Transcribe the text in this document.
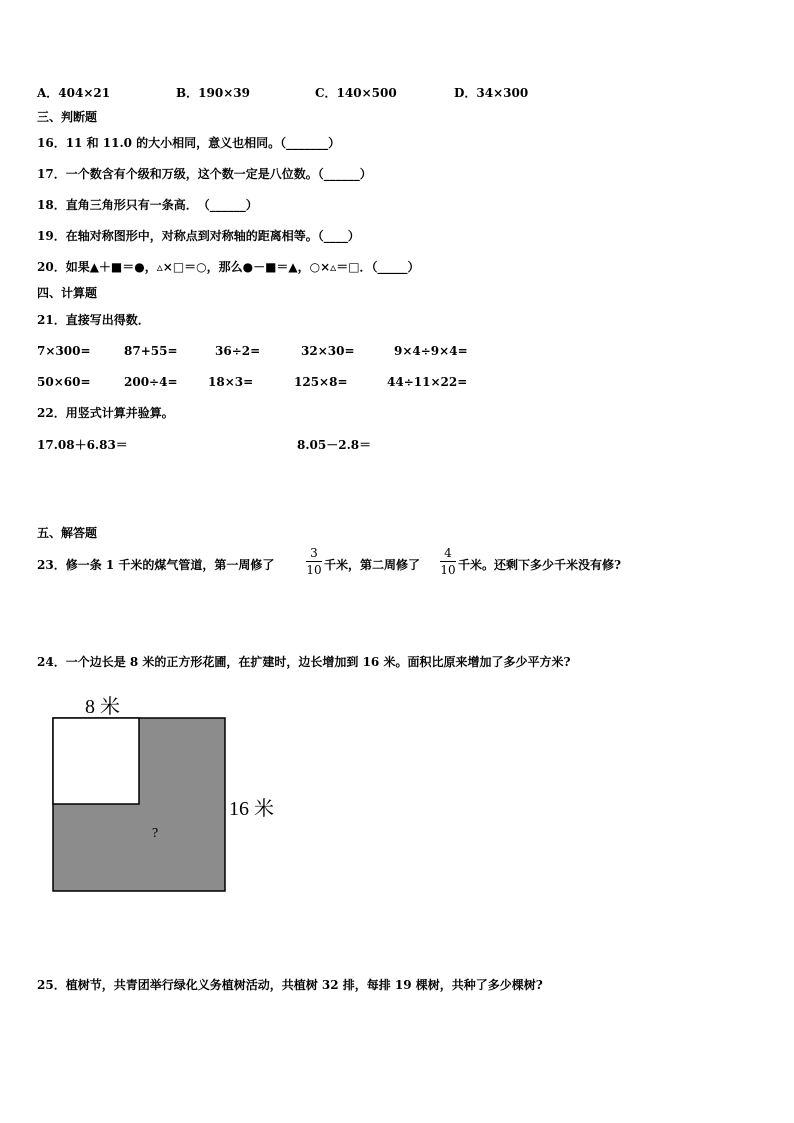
A．404×21	B．190×39	C．140×500	D．34×300
三、判断题
16．11 和 11.0 的大小相同，意义也相同。（_______）
17．一个数含有个级和万级，这个数一定是八位数。（______）
18．直角三角形只有一条高．　（______）
19．在轴对称图形中，对称点到对称轴的距离相等。（____）
20．如果▲＋■＝●，▵×□＝○，那么●－■＝▲，○×▵＝□．（_____）
四、计算题
21．直接写出得数．
7×300=	87+55=	36÷2=	32×30=	9×4÷9×4=
50×60=	200÷4=	18×3=	125×8=	44÷11×22=
22．用竖式计算并验算。
17.08＋6.83＝	8.05－2.8＝
五、解答题
23．修一条 1 千米的煤气管道，第一周修了
3
10 千米，第二周修了
4
10 千米。还剩下多少千米没有修?
24．一个边长是 8 米的正方形花圃，在扩建时，边长增加到 16 米。面积比原来增加了多少平方米?
8 米
?
16 米
25．植树节，共青团举行绿化义务植树活动，共植树 32 排，每排 19 棵树，共种了多少棵树?
